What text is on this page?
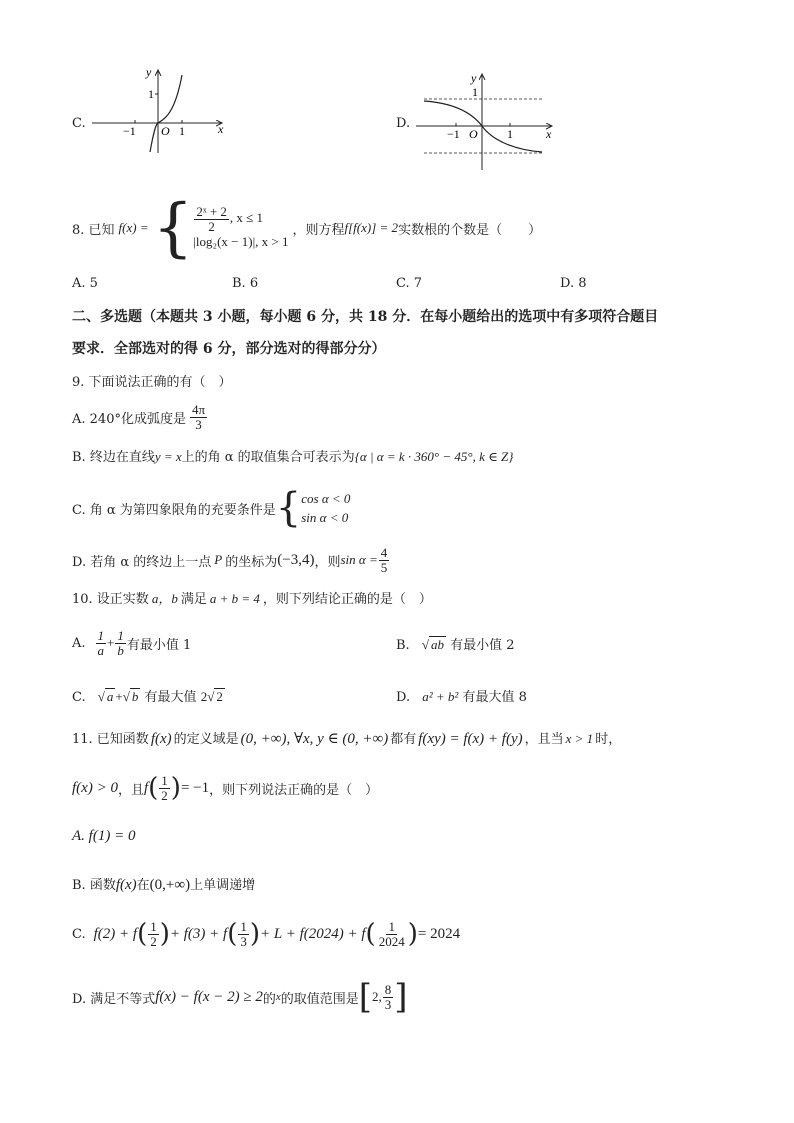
C.
y
x
1
−1 O 1	D.
y
x
1
−1 O 1
8. 已知 f(x) = { $\frac{\text{2ˣ + 2}}{2}$ , x ≤ 1
|log₂(x − 1)|, x > 1
，则方程 f[f(x)] = 2 实数根的个数是（　　）
A. 5	B. 6	C. 7	D. 8
二、多选题（本题共 3 小题，每小题 6 分，共 18 分．在每小题给出的选项中有多项符合题目
要求．全部选对的得 6 分，部分选对的得部分分）
9. 下面说法正确的有（　）
A. 240°化成弧度是 $\frac{4\pi}{3}$
B. 终边在直线y = x上的角 α 的取值集合可表示为{α | α = k · 360° − 45°, k ∈ Z}
C. 角 α 为第四象限角的充要条件是 { cos α < 0
sin α < 0
D. 若角 α 的终边上一点 P 的坐标为 (−3,4) ，则 $\sin \alpha = \frac{4}{5}$
10. 设正实数 a，b 满足 a + b = 4 ，则下列结论正确的是（　）
A. $\frac{1}{a} + \frac{1}{b}$ 有最小值 1	B. √ ab 有最小值 2
C. √ a +√ b 有最大值 2√ 2	D. a² + b² 有最大值 8
11. 已知函数 f(x) 的定义域是 (0, +∞), ∀x, y ∈ (0, +∞) 都有 f(xy) = f(x) + f(y) ，且当 x > 1 时，
f(x) > 0 ，且 f ( $\frac{1}{2}$ ) = −1 ，则下列说法正确的是（　）
A. f(1) = 0
B. 函数f(x)在(0,+∞)上单调递增
C. f(2) + f ( $\frac{1}{2}$ ) + f(3) + f ( $\frac{1}{3}$ ) + L + f(2024) + f ( $\frac{1}{2024}$ ) = 2024
D. 满足不等式 f(x) − f(x − 2) ≥ 2 的 x 的取值范围是 [ 2, $\frac{8}{3}$ ]
